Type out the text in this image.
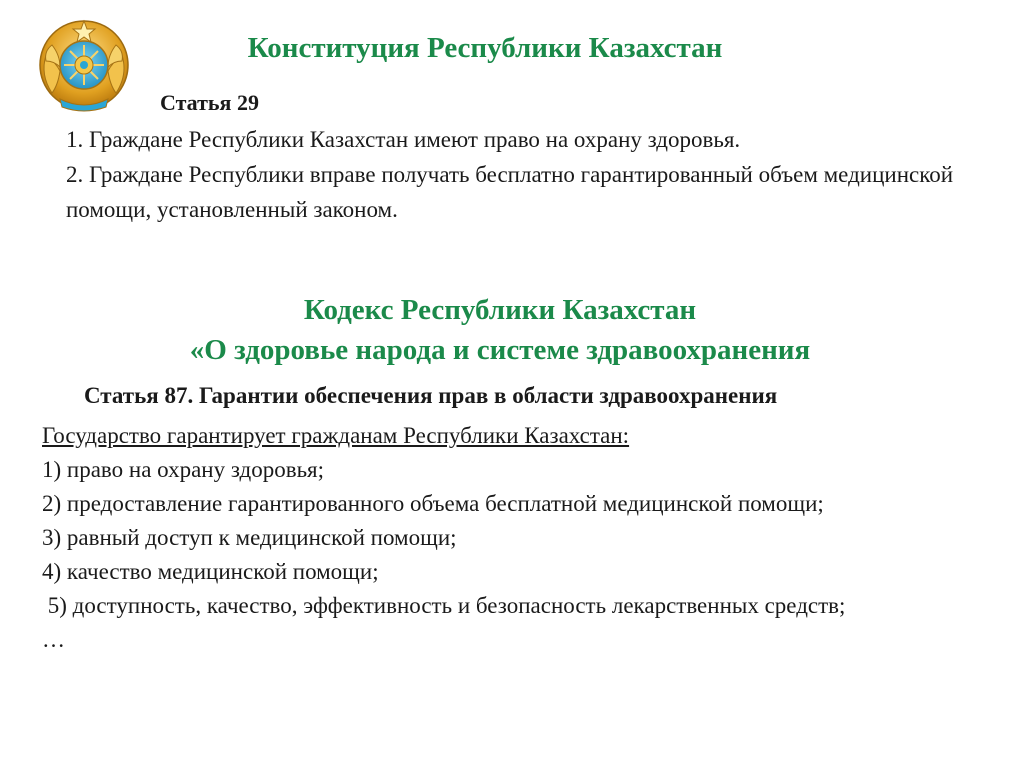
Конституция Республики Казахстан
Статья 29

1. Граждане Республики Казахстан имеют право на охрану здоровья.

2. Граждане Республики вправе получать бесплатно гарантированный объем медицинской помощи, установленный законом.

Кодекс Республики Казахстан
«О здоровье народа и системе здравоохранения
Статья 87. Гарантии обеспечения прав в области здравоохранения

Государство гарантирует гражданам Республики Казахстан:

1) право на охрану здоровья;

2) предоставление гарантированного объема бесплатной медицинской помощи;

3) равный доступ к медицинской помощи;

4) качество медицинской помощи;

5) доступность, качество, эффективность и безопасность лекарственных средств;

…
